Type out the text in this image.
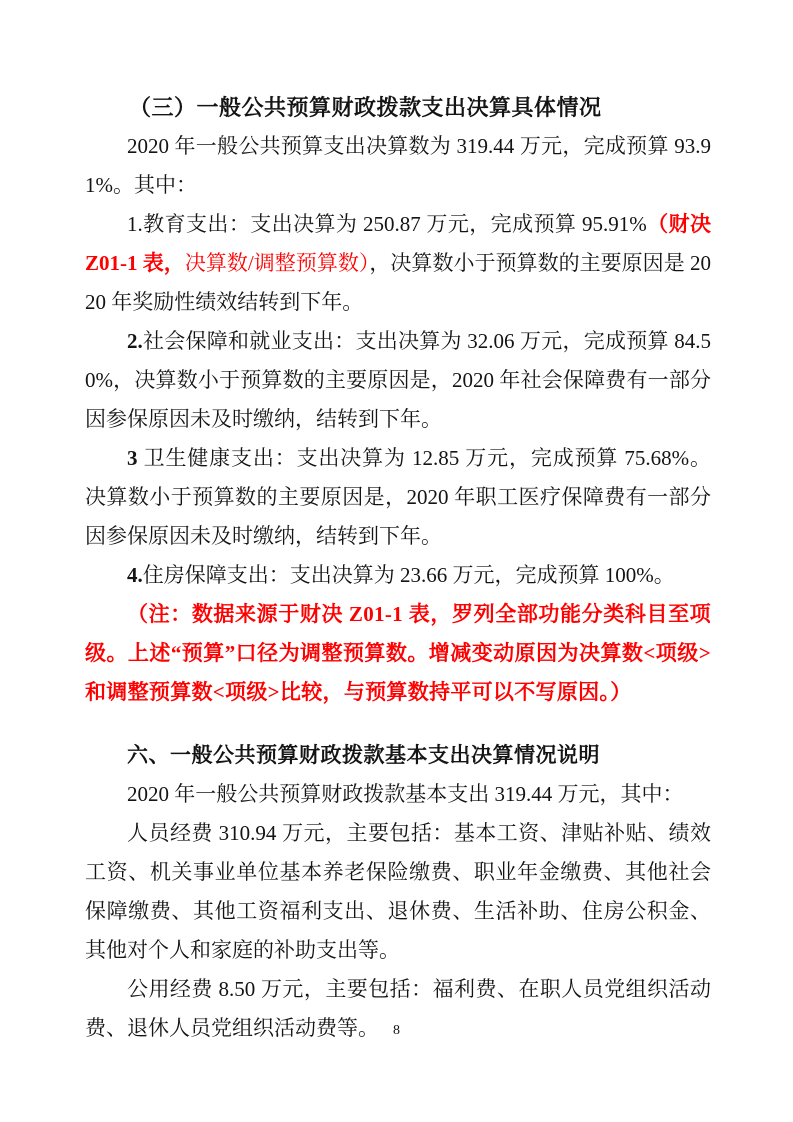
（三）一般公共预算财政拨款支出决算具体情况

2020 年一般公共预算支出决算数为 319.44 万元，完成预算 93.91%。其中：

1.教育支出：支出决算为 250.87 万元，完成预算 95.91%（财决 Z01-1 表，决算数/调整预算数），决算数小于预算数的主要原因是 2020 年奖励性绩效结转到下年。

2.社会保障和就业支出：支出决算为 32.06 万元，完成预算 84.50%，决算数小于预算数的主要原因是，2020 年社会保障费有一部分因参保原因未及时缴纳，结转到下年。

3 卫生健康支出：支出决算为 12.85 万元，完成预算 75.68%。决算数小于预算数的主要原因是，2020 年职工医疗保障费有一部分因参保原因未及时缴纳，结转到下年。

4.住房保障支出：支出决算为 23.66 万元，完成预算 100%。

（注：数据来源于财决 Z01-1 表，罗列全部功能分类科目至项级。上述“预算”口径为调整预算数。增减变动原因为决算数<项级>和调整预算数<项级>比较，与预算数持平可以不写原因。）

六、一般公共预算财政拨款基本支出决算情况说明

2020 年一般公共预算财政拨款基本支出 319.44 万元，其中：

人员经费 310.94 万元，主要包括：基本工资、津贴补贴、绩效工资、机关事业单位基本养老保险缴费、职业年金缴费、其他社会保障缴费、其他工资福利支出、退休费、生活补助、住房公积金、其他对个人和家庭的补助支出等。

公用经费 8.50 万元，主要包括：福利费、在职人员党组织活动费、退休人员党组织活动费等。	8
